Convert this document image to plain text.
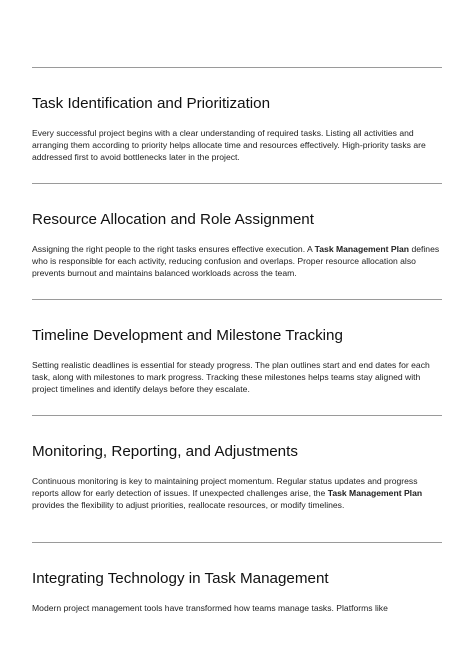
Task Identification and Prioritization

Every successful project begins with a clear understanding of required tasks. Listing all activities and arranging them according to priority helps allocate time and resources effectively. High-priority tasks are addressed first to avoid bottlenecks later in the project.

Resource Allocation and Role Assignment

Assigning the right people to the right tasks ensures effective execution. A Task Management Plan defines who is responsible for each activity, reducing confusion and overlaps. Proper resource allocation also prevents burnout and maintains balanced workloads across the team.

Timeline Development and Milestone Tracking

Setting realistic deadlines is essential for steady progress. The plan outlines start and end dates for each task, along with milestones to mark progress. Tracking these milestones helps teams stay aligned with project timelines and identify delays before they escalate.

Monitoring, Reporting, and Adjustments

Continuous monitoring is key to maintaining project momentum. Regular status updates and progress reports allow for early detection of issues. If unexpected challenges arise, the Task Management Plan provides the flexibility to adjust priorities, reallocate resources, or modify timelines.

Integrating Technology in Task Management

Modern project management tools have transformed how teams manage tasks. Platforms like
